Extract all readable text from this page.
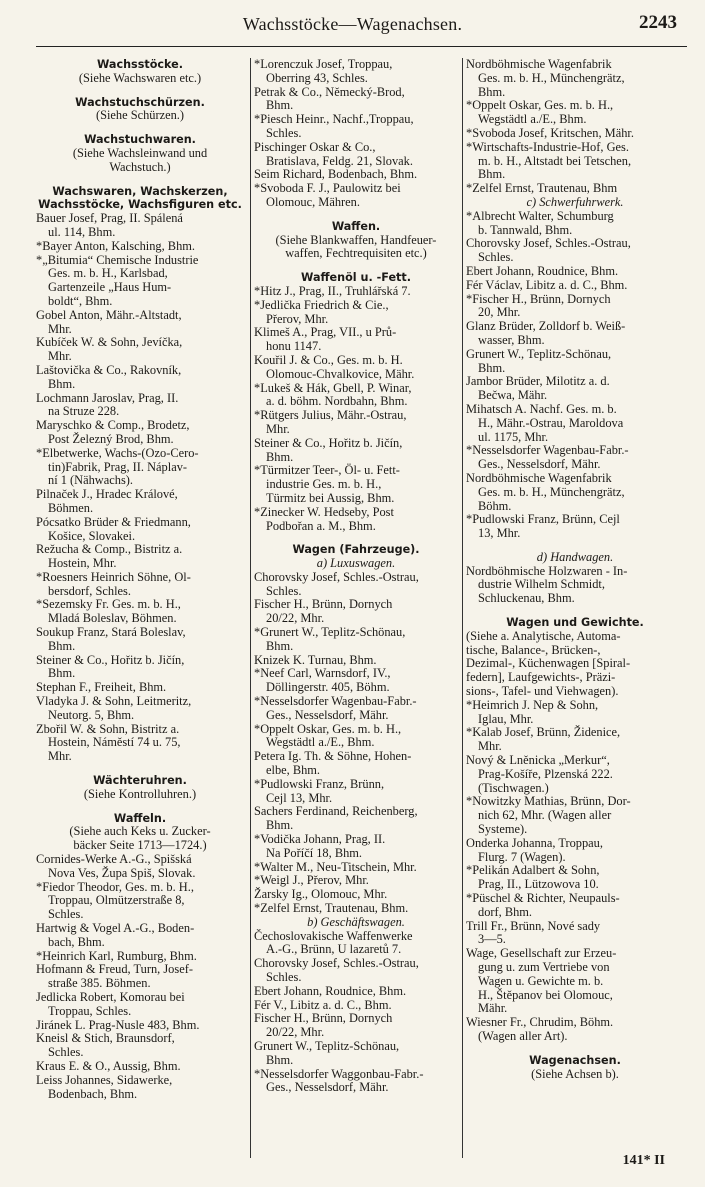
Wachsstöcke—Wagenachsen.	2243
Wachsstöcke.
(Siehe Wachswaren etc.)
Wachstuchschürzen.
(Siehe Schürzen.)
Wachstuchwaren.
(Siehe Wachsleinwand und
Wachstuch.)
Wachswaren, Wachskerzen,
Wachsstöcke, Wachsfiguren etc.
Bauer Josef, Prag, II. Spálená
ul. 114, Bhm.
*Bayer Anton, Kalsching, Bhm.
*„Bitumia“ Chemische Industrie
Ges. m. b. H., Karlsbad,
Gartenzeile „Haus Hum-
boldt“, Bhm.
Gobel Anton, Mähr.-Altstadt,
Mhr.
Kubíček W. & Sohn, Jevíčka,
Mhr.
Laštovička & Co., Rakovník,
Bhm.
Lochmann Jaroslav, Prag, II.
na Struze 228.
Maryschko & Comp., Brodetz,
Post Železný Brod, Bhm.
*Elbetwerke, Wachs-(Ozo-Cero-
tin)Fabrik, Prag, II. Náplav-
ní 1 (Nähwachs).
Pilnaček J., Hradec Králové,
Böhmen.
Pócsatko Brüder & Friedmann,
Košice, Slovakei.
Režucha & Comp., Bistritz a.
Hostein, Mhr.
*Roesners Heinrich Söhne, Ol-
bersdorf, Schles.
*Sezemsky Fr. Ges. m. b. H.,
Mladá Boleslav, Böhmen.
Soukup Franz, Stará Boleslav,
Bhm.
Steiner & Co., Hořitz b. Jičín,
Bhm.
Stephan F., Freiheit, Bhm.
Vladyka J. & Sohn, Leitmeritz,
Neutorg. 5, Bhm.
Zbořil W. & Sohn, Bistritz a.
Hostein, Náměstí 74 u. 75,
Mhr.
Wächteruhren.
(Siehe Kontrolluhren.)
Waffeln.
(Siehe auch Keks u. Zucker-
bäcker Seite 1713—1724.)
Cornides-Werke A.-G., Spišská
Nova Ves, Župa Spiš, Slovak.
*Fiedor Theodor, Ges. m. b. H.,
Troppau, Olmützerstraße 8,
Schles.
Hartwig & Vogel A.-G., Boden-
bach, Bhm.
*Heinrich Karl, Rumburg, Bhm.
Hofmann & Freud, Turn, Josef-
straße 385. Böhmen.
Jedlicka Robert, Komorau bei
Troppau, Schles.
Jiránek L. Prag-Nusle 483, Bhm.
Kneisl & Stich, Braunsdorf,
Schles.
Kraus E. & O., Aussig, Bhm.
Leiss Johannes, Sidawerke,
Bodenbach, Bhm.
*Lorenczuk Josef, Troppau,
Oberring 43, Schles.
Petrak & Co., Německý-Brod,
Bhm.
*Piesch Heinr., Nachf.,Troppau,
Schles.
Pischinger Oskar & Co.,
Bratislava, Feldg. 21, Slovak.
Seim Richard, Bodenbach, Bhm.
*Svoboda F. J., Paulowitz bei
Olomouc, Mähren.
Waffen.
(Siehe Blankwaffen, Handfeuer-
waffen, Fechtrequisiten etc.)
Waffenöl u. -Fett.
*Hitz J., Prag, II., Truhlářská 7.
*Jedlička Friedrich & Cie.,
Přerov, Mhr.
Klimeš A., Prag, VII., u Prů-
honu 1147.
Kouřil J. & Co., Ges. m. b. H.
Olomouc-Chvalkovice, Mähr.
*Lukeš & Hák, Gbell, P. Winar,
a. d. böhm. Nordbahn, Bhm.
*Rütgers Julius, Mähr.-Ostrau,
Mhr.
Steiner & Co., Hořitz b. Jičín,
Bhm.
*Türmitzer Teer-, Öl- u. Fett-
industrie Ges. m. b. H.,
Türmitz bei Aussig, Bhm.
*Zinecker W. Hedseby, Post
Podbořan a. M., Bhm.
Wagen (Fahrzeuge).
a) Luxuswagen.
Chorovsky Josef, Schles.-Ostrau,
Schles.
Fischer H., Brünn, Dornych
20/22, Mhr.
*Grunert W., Teplitz-Schönau,
Bhm.
Knizek K. Turnau, Bhm.
*Neef Carl, Warnsdorf, IV.,
Döllingerstr. 405, Böhm.
*Nesselsdorfer Wagenbau-Fabr.-
Ges., Nesselsdorf, Mähr.
*Oppelt Oskar, Ges. m. b. H.,
Wegstädtl a./E., Bhm.
Petera Ig. Th. & Söhne, Hohen-
elbe, Bhm.
*Pudlowski Franz, Brünn,
Cejl 13, Mhr.
Sachers Ferdinand, Reichenberg,
Bhm.
*Vodička Johann, Prag, II.
Na Poříčí 18, Bhm.
*Walter M., Neu-Titschein, Mhr.
*Weigl J., Přerov, Mhr.
Žarsky Ig., Olomouc, Mhr.
*Zelfel Ernst, Trautenau, Bhm.
b) Geschäftswagen.
Čechoslovakische Waffenwerke
A.-G., Brünn, U lazaretů 7.
Chorovsky Josef, Schles.-Ostrau,
Schles.
Ebert Johann, Roudnice, Bhm.
Fér V., Libitz a. d. C., Bhm.
Fischer H., Brünn, Dornych
20/22, Mhr.
Grunert W., Teplitz-Schönau,
Bhm.
*Nesselsdorfer Waggonbau-Fabr.-
Ges., Nesselsdorf, Mähr.
Nordböhmische Wagenfabrik
Ges. m. b. H., Münchengrätz,
Bhm.
*Oppelt Oskar, Ges. m. b. H.,
Wegstädtl a./E., Bhm.
*Svoboda Josef, Kritschen, Mähr.
*Wirtschafts-Industrie-Hof, Ges.
m. b. H., Altstadt bei Tetschen,
Bhm.
*Zelfel Ernst, Trautenau, Bhm
c) Schwerfuhrwerk.
*Albrecht Walter, Schumburg
b. Tannwald, Bhm.
Chorovsky Josef, Schles.-Ostrau,
Schles.
Ebert Johann, Roudnice, Bhm.
Fér Václav, Libitz a. d. C., Bhm.
*Fischer H., Brünn, Dornych
20, Mhr.
Glanz Brüder, Zolldorf b. Weiß-
wasser, Bhm.
Grunert W., Teplitz-Schönau,
Bhm.
Jambor Brüder, Milotitz a. d.
Bečwa, Mähr.
Mihatsch A. Nachf. Ges. m. b.
H., Mähr.-Ostrau, Maroldova
ul. 1175, Mhr.
*Nesselsdorfer Wagenbau-Fabr.-
Ges., Nesselsdorf, Mähr.
Nordböhmische Wagenfabrik
Ges. m. b. H., Münchengrätz,
Böhm.
*Pudlowski Franz, Brünn, Cejl
13, Mhr.
d) Handwagen.
Nordböhmische Holzwaren - In-
dustrie Wilhelm Schmidt,
Schluckenau, Bhm.
Wagen und Gewichte.
(Siehe a. Analytische, Automa-
tische, Balance-, Brücken-,
Dezimal-, Küchenwagen [Spiral-
federn], Laufgewichts-, Präzi-
sions-, Tafel- und Viehwagen).
*Heimrich J. Nep & Sohn,
Iglau, Mhr.
*Kalab Josef, Brünn, Židenice,
Mhr.
Nový & Lněnicka „Merkur“,
Prag-Košíře, Plzenská 222.
(Tischwagen.)
*Nowitzky Mathias, Brünn, Dor-
nich 62, Mhr. (Wagen aller
Systeme).
Onderka Johanna, Troppau,
Flurg. 7 (Wagen).
*Pelikán Adalbert & Sohn,
Prag, II., Lützowova 10.
*Püschel & Richter, Neupauls-
dorf, Bhm.
Trill Fr., Brünn, Nové sady
3—5.
Wage, Gesellschaft zur Erzeu-
gung u. zum Vertriebe von
Wagen u. Gewichte m. b.
H., Štěpanov bei Olomouc,
Mähr.
Wiesner Fr., Chrudim, Böhm.
(Wagen aller Art).
Wagenachsen.
(Siehe Achsen b).
141* II
